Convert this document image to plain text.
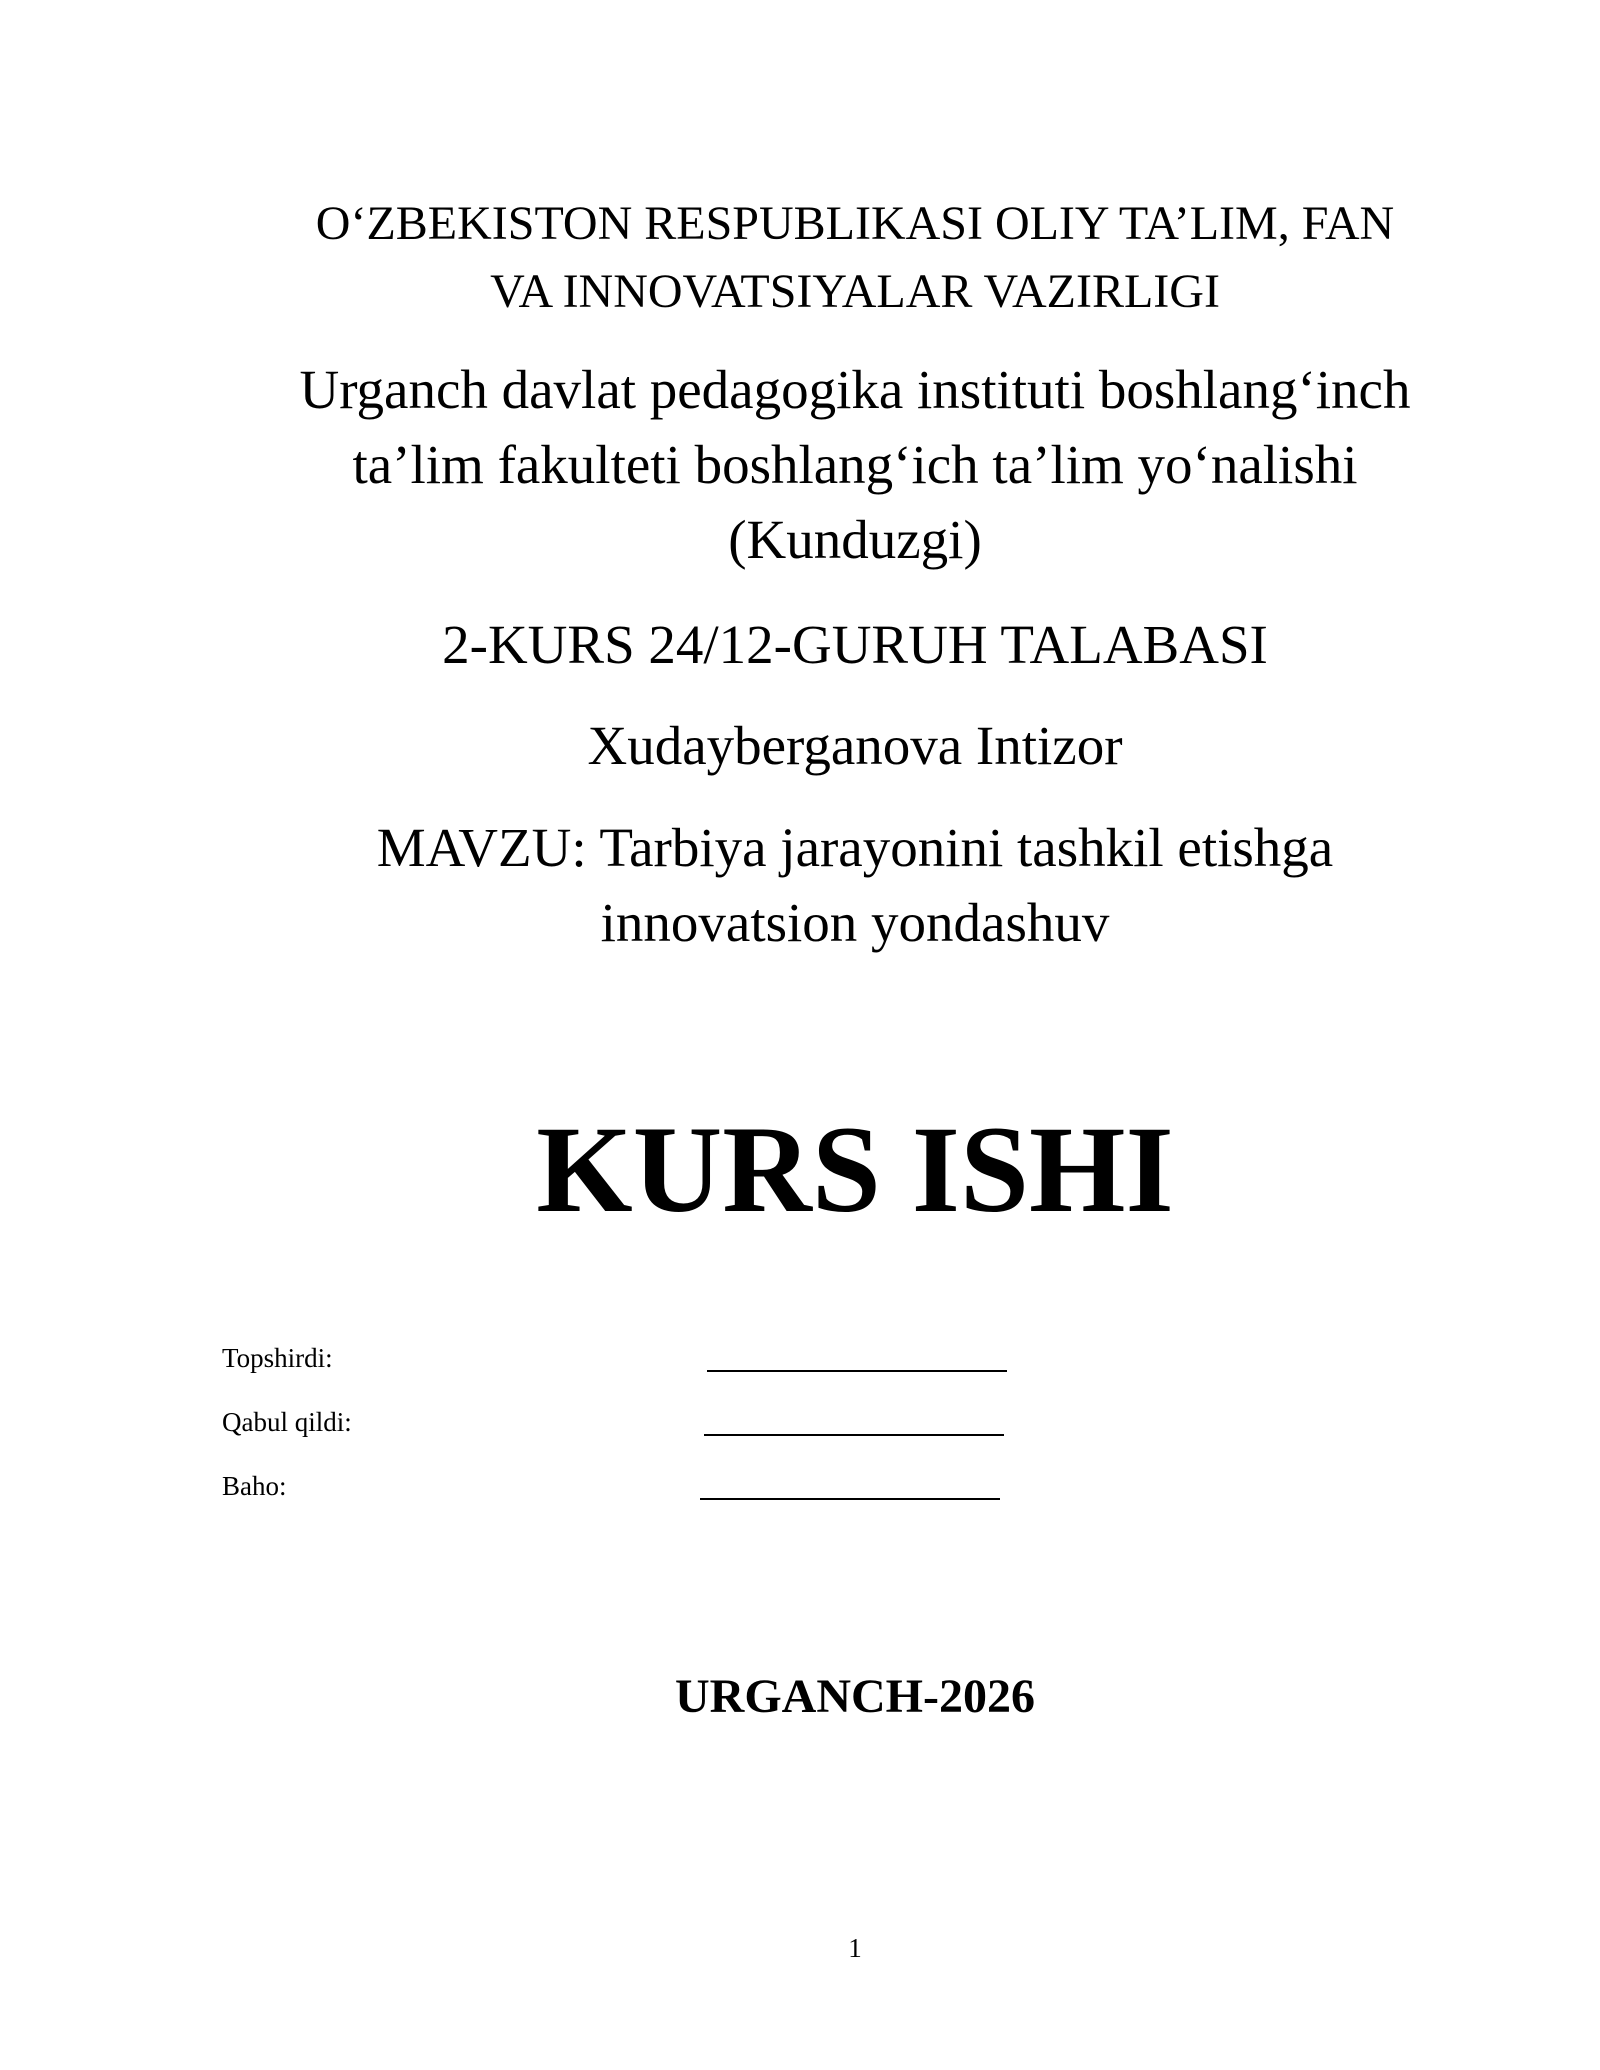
O‘ZBEKISTON RESPUBLIKASI OLIY TA’LIM, FAN
VA INNOVATSIYALAR VAZIRLIGI
Urganch davlat pedagogika instituti boshlang‘inch
ta’lim fakulteti boshlang‘ich ta’lim yo‘nalishi
(Kunduzgi)
2-KURS 24/12-GURUH TALABASI
Xudayberganova Intizor
MAVZU: Tarbiya jarayonini tashkil etishga
innovatsion yondashuv
KURS ISHI
Topshirdi:
Qabul qildi:
Baho:
URGANCH-2026
1
